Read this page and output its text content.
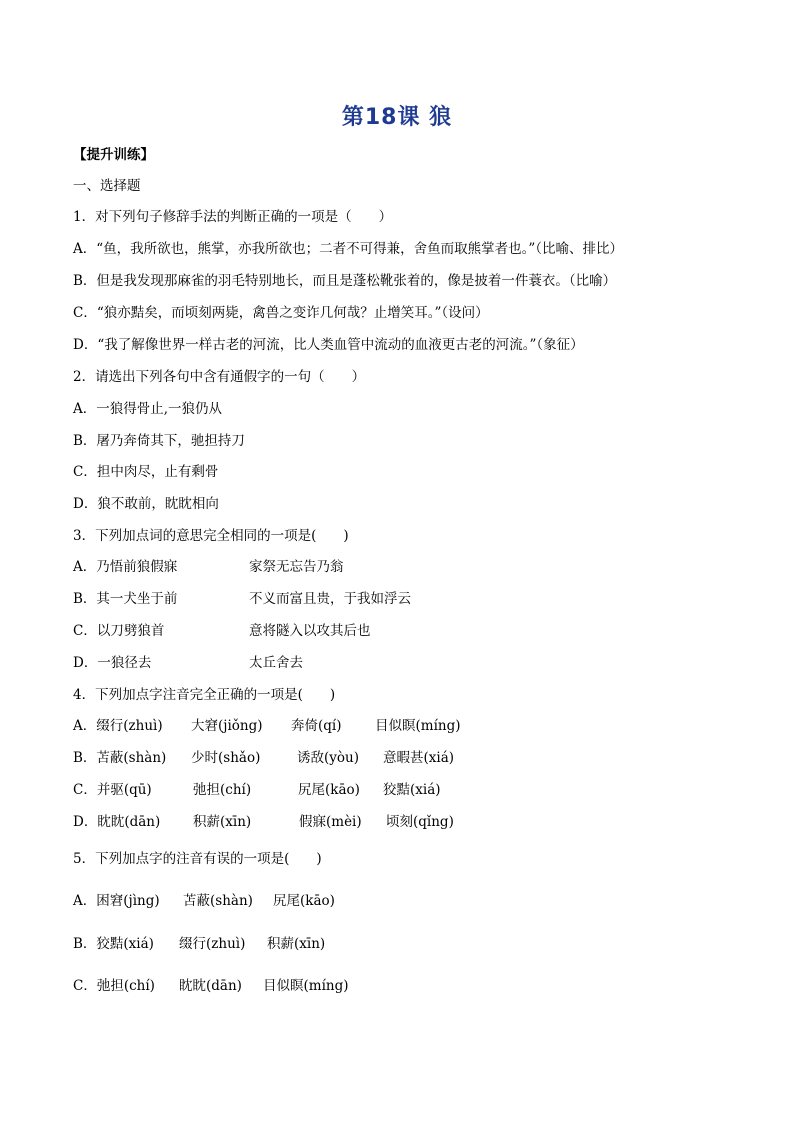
第18课 狼
【提升训练】
一、选择题
1．对下列句子修辞手法的判断正确的一项是（　　）
A．“鱼，我所欲也，熊掌，亦我所欲也；二者不可得兼，舍鱼而取熊掌者也。”（比喻、排比）
B．但是我发现那麻雀的羽毛特别地长，而且是蓬松靴张着的，像是披着一件蓑衣。（比喻）
C．“狼亦黠矣，而顷刻两毙，禽兽之变诈几何哉？止增笑耳。”（设问）
D．“我了解像世界一样古老的河流，比人类血管中流动的血液更古老的河流。”（象征）
2．请选出下列各句中含有通假字的一句（　　）
A．一狼得骨止,一狼仍从
B．屠乃奔倚其下，驰担持刀
C．担中肉尽，止有剩骨
D．狼不敢前，眈眈相向
3．下列加点词的意思完全相同的一项是(　　)
A．乃悟前狼假寐	家祭无忘告乃翁
B．其一犬坐于前	不义而富且贵，于我如浮云
C．以刀劈狼首	意将隧入以攻其后也
D．一狼径去	太丘舍去
4．下列加点字注音完全正确的一项是(　　)
A．缀行(zhuì) 大窘(jiǒng) 奔倚(qí) 目似瞑(míng)
B．苫蔽(shàn) 少时(shǎo)	诱敌(yòu) 意暇甚(xiá)
C．并驱(qū)	弛担(chí)	尻尾(kāo) 狡黠(xiá)
D．眈眈(dān) 积薪(xīn)	假寐(mèi) 顷刻(qǐng)
5．下列加点字的注音有误的一项是(　　)
A．困窘(jìng) 苫蔽(shàn) 尻尾(kāo)
B．狡黠(xiá) 缀行(zhuì) 积薪(xīn)
C．弛担(chí) 眈眈(dān) 目似瞑(míng)
